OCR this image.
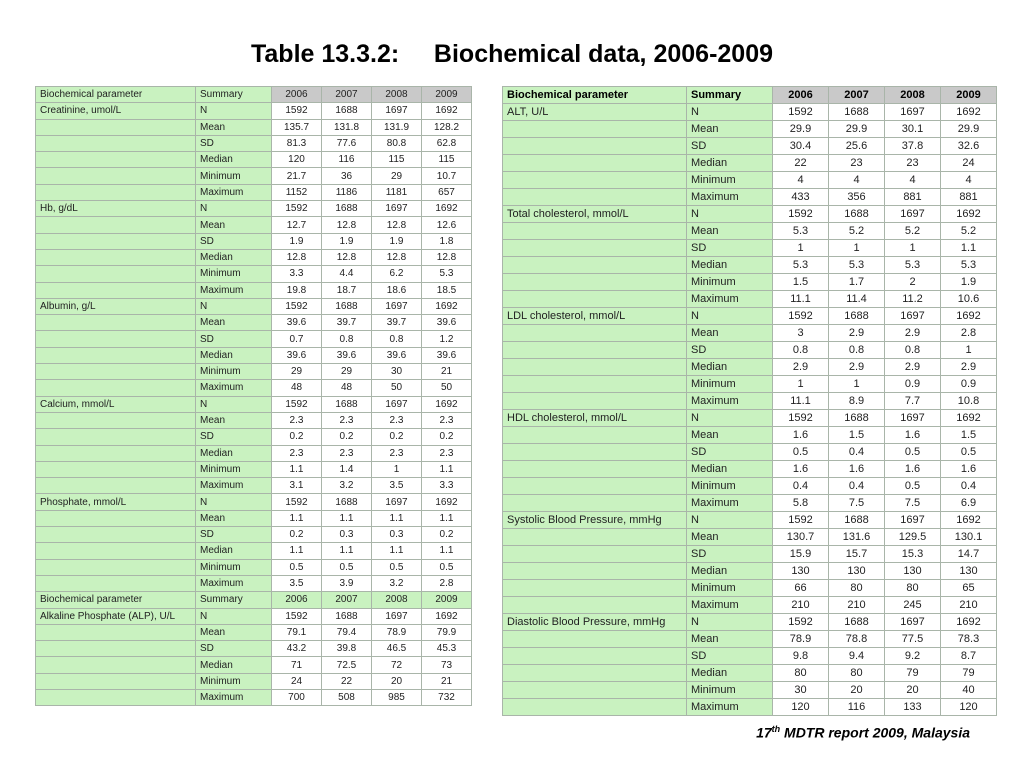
Table 13.3.2:     Biochemical data, 2006-2009
Biochemical parameter	Summary	2006	2007	2008	2009
Creatinine, umol/L	N	1592	1688	1697	1692
	Mean	135.7	131.8	131.9	128.2
	SD	81.3	77.6	80.8	62.8
	Median	120	116	115	115
	Minimum	21.7	36	29	10.7
	Maximum	1152	1186	1181	657
Hb, g/dL	N	1592	1688	1697	1692
	Mean	12.7	12.8	12.8	12.6
	SD	1.9	1.9	1.9	1.8
	Median	12.8	12.8	12.8	12.8
	Minimum	3.3	4.4	6.2	5.3
	Maximum	19.8	18.7	18.6	18.5
Albumin, g/L	N	1592	1688	1697	1692
	Mean	39.6	39.7	39.7	39.6
	SD	0.7	0.8	0.8	1.2
	Median	39.6	39.6	39.6	39.6
	Minimum	29	29	30	21
	Maximum	48	48	50	50
Calcium, mmol/L	N	1592	1688	1697	1692
	Mean	2.3	2.3	2.3	2.3
	SD	0.2	0.2	0.2	0.2
	Median	2.3	2.3	2.3	2.3
	Minimum	1.1	1.4	1	1.1
	Maximum	3.1	3.2	3.5	3.3
Phosphate, mmol/L	N	1592	1688	1697	1692
	Mean	1.1	1.1	1.1	1.1
	SD	0.2	0.3	0.3	0.2
	Median	1.1	1.1	1.1	1.1
	Minimum	0.5	0.5	0.5	0.5
	Maximum	3.5	3.9	3.2	2.8
Biochemical parameter	Summary	2006	2007	2008	2009
Alkaline Phosphate (ALP), U/L	N	1592	1688	1697	1692
	Mean	79.1	79.4	78.9	79.9
	SD	43.2	39.8	46.5	45.3
	Median	71	72.5	72	73
	Minimum	24	22	20	21
	Maximum	700	508	985	732
Biochemical parameter	Summary	2006	2007	2008	2009
ALT, U/L	N	1592	1688	1697	1692
	Mean	29.9	29.9	30.1	29.9
	SD	30.4	25.6	37.8	32.6
	Median	22	23	23	24
	Minimum	4	4	4	4
	Maximum	433	356	881	881
Total cholesterol, mmol/L	N	1592	1688	1697	1692
	Mean	5.3	5.2	5.2	5.2
	SD	1	1	1	1.1
	Median	5.3	5.3	5.3	5.3
	Minimum	1.5	1.7	2	1.9
	Maximum	11.1	11.4	11.2	10.6
LDL cholesterol, mmol/L	N	1592	1688	1697	1692
	Mean	3	2.9	2.9	2.8
	SD	0.8	0.8	0.8	1
	Median	2.9	2.9	2.9	2.9
	Minimum	1	1	0.9	0.9
	Maximum	11.1	8.9	7.7	10.8
HDL cholesterol, mmol/L	N	1592	1688	1697	1692
	Mean	1.6	1.5	1.6	1.5
	SD	0.5	0.4	0.5	0.5
	Median	1.6	1.6	1.6	1.6
	Minimum	0.4	0.4	0.5	0.4
	Maximum	5.8	7.5	7.5	6.9
Systolic Blood Pressure, mmHg	N	1592	1688	1697	1692
	Mean	130.7	131.6	129.5	130.1
	SD	15.9	15.7	15.3	14.7
	Median	130	130	130	130
	Minimum	66	80	80	65
	Maximum	210	210	245	210
Diastolic Blood Pressure, mmHg	N	1592	1688	1697	1692
	Mean	78.9	78.8	77.5	78.3
	SD	9.8	9.4	9.2	8.7
	Median	80	80	79	79
	Minimum	30	20	20	40
	Maximum	120	116	133	120
17th MDTR report 2009, Malaysia
